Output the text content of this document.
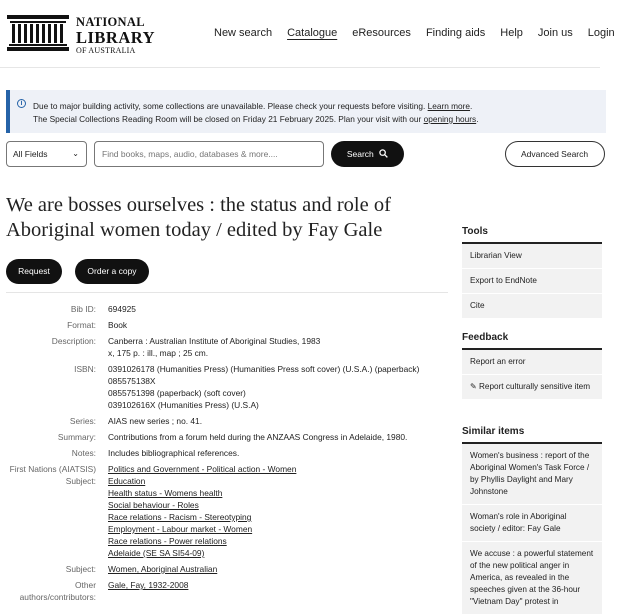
NATIONAL
LIBRARY
OF AUSTRALIA
New search Catalogue eResources Finding aids Help Join us Login
i	Due to major building activity, some collections are unavailable. Please check your requests before visiting. Learn more.
The Special Collections Reading Room will be closed on Friday 21 February 2025. Plan your visit with our opening hours.
All Fields	⌄
Find books, maps, audio, databases & more....	Search	Advanced Search
We are bosses ourselves : the status and role of Aboriginal women today / edited by Fay Gale
Request	Order a copy
Bib ID:	694925
Format:	Book
Description:	Canberra : Australian Institute of Aboriginal Studies, 1983
x, 175 p. : ill., map ; 25 cm.
ISBN:	0391026178 (Humanities Press) (Humanities Press soft cover) (U.S.A.) (paperback)
085575138X
0855751398 (paperback) (soft cover)
039102616X (Humanities Press) (U.S.A)
Series:	AIAS new series ; no. 41.
Summary:	Contributions from a forum held during the ANZAAS Congress in Adelaide, 1980.
Notes:	Includes bibliographical references.
First Nations (AIATSIS) Subject:
Politics and Government - Political action - Women
Education
Health status - Womens health
Social behaviour - Roles
Race relations - Racism - Stereotyping
Employment - Labour market - Women
Race relations - Power relations
Adelaide (SE SA SI54-09)
Subject:	Women, Aboriginal Australian
Other authors/contributors:
Gale, Fay, 1932-2008
Tools
Librarian View
Export to EndNote
Cite
Feedback
Report an error
✎ Report culturally sensitive item
Similar items
Women's business : report of the Aboriginal Women's Task Force / by Phyllis Daylight and Mary Johnstone
Woman's role in Aboriginal society / editor: Fay Gale
We accuse : a powerful statement of the new political anger in America, as revealed in the speeches given at the 36-hour "Vietnam Day" protest in
